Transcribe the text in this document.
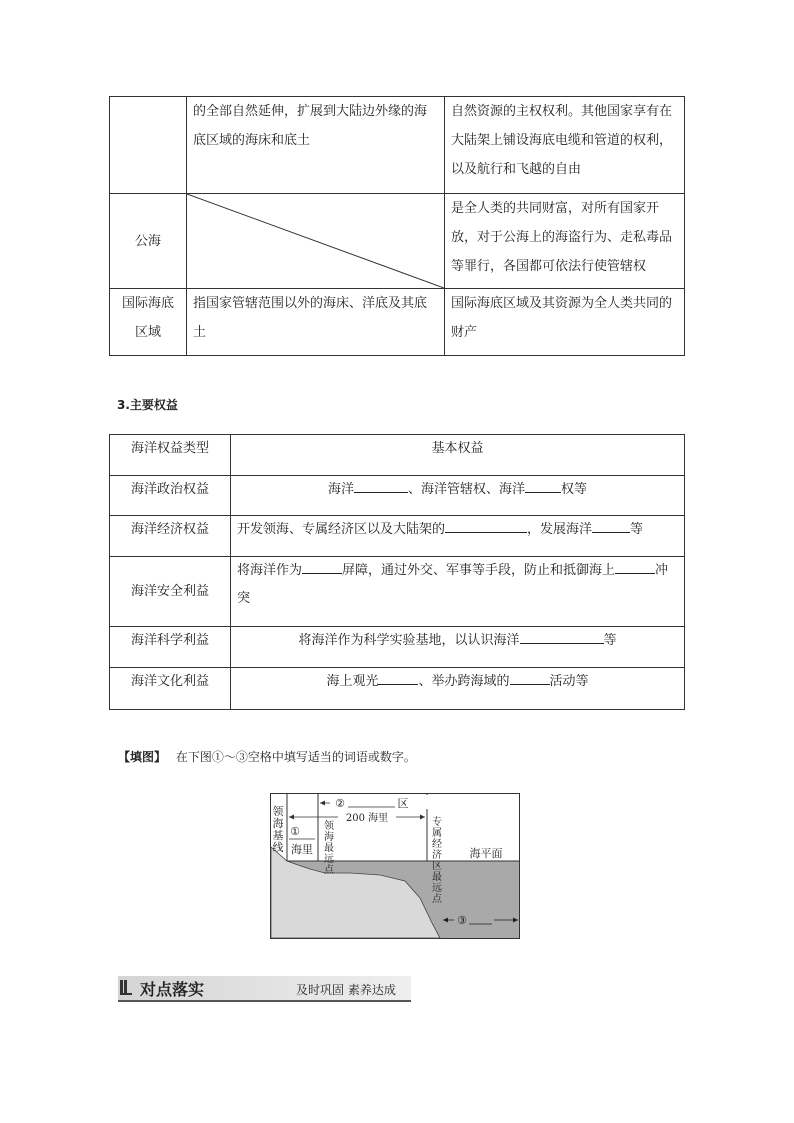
	的全部自然延伸，扩展到大陆边外缘的海底区域的海床和底土	自然资源的主权权利。其他国家享有在大陆架上铺设海底电缆和管道的权利，以及航行和飞越的自由
公海		是全人类的共同财富，对所有国家开放，对于公海上的海盗行为、走私毒品等罪行，各国都可依法行使管辖权
国际海底区域	指国家管辖范围以外的海床、洋底及其底土	国际海底区域及其资源为全人类共同的财产
3.主要权益
海洋权益类型	基本权益
海洋政治权益	海洋 、海洋管辖权、海洋 权等
海洋经济权益	开发领海、专属经济区以及大陆架的 ，发展海洋 等
海洋安全利益	将海洋作为 屏障，通过外交、军事等手段，防止和抵御海上 冲突
海洋科学利益	将海洋作为科学实验基地，以认识海洋 等
海洋文化利益	海上观光 、举办跨海域的 活动等
【填图】 在下图①～③空格中填写适当的词语或数字。
领
海
基
线
①
海里
领
海
最
远
点
②	区
200 海里	专
属
经
济
区
最
远
点
海平面
③
对点落实	及时巩固 素养达成
